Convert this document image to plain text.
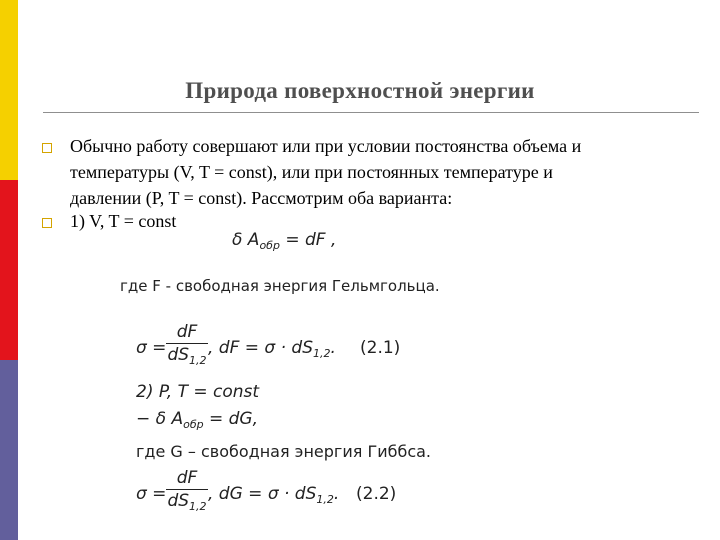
Природа поверхностной энергии
Обычно работу совершают или при условии постоянства объема и
температуры (V, T = const), или при постоянных температуре и
давлении (P, T = const). Рассмотрим оба варианта:
1) V, T = const
δ $A_{обр}$ = dF ,
где F - свободная энергия Гельмгольца.
σ =
dF
$dS_{1,2}$
, dF = $\sigma \cdot dS_{1,2}$. (2.1)
2) P, T = const
− δ $A_{обр}$ = dG,
где G – свободная энергия Гиббса.
σ =
dF
$dS_{1,2}$
, dG = $\sigma \cdot dS_{1,2}$. (2.2)
